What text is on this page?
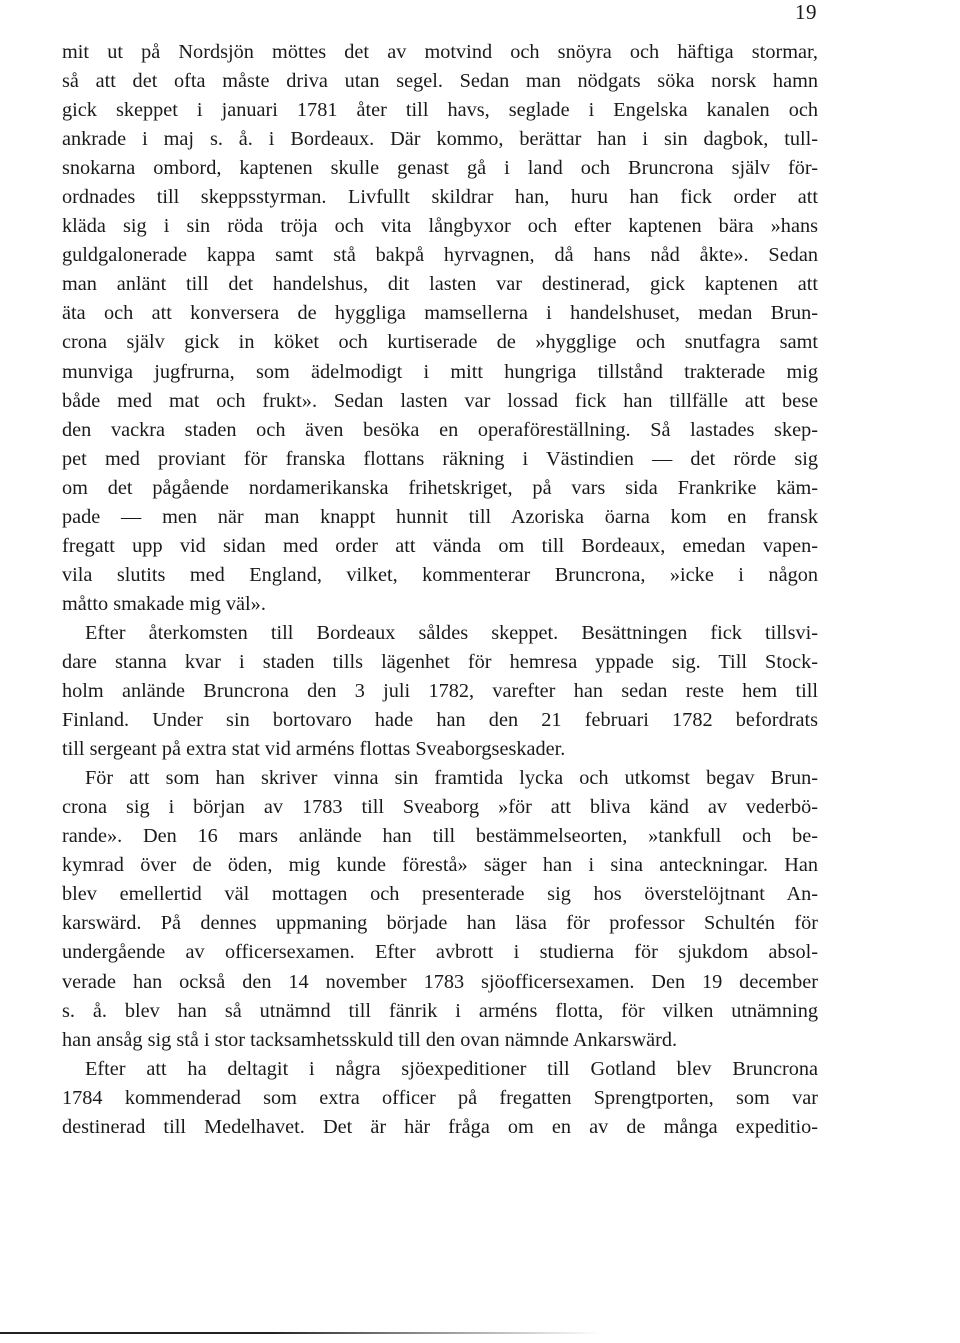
19
mit ut på Nordsjön möttes det av motvind och snöyra och häftiga stormar,
så att det ofta måste driva utan segel. Sedan man nödgats söka norsk hamn
gick skeppet i januari 1781 åter till havs, seglade i Engelska kanalen och
ankrade i maj s. å. i Bordeaux. Där kommo, berättar han i sin dagbok, tull-
snokarna ombord, kaptenen skulle genast gå i land och Bruncrona själv för-
ordnades till skeppsstyrman. Livfullt skildrar han, huru han fick order att
kläda sig i sin röda tröja och vita långbyxor och efter kaptenen bära »hans
guldgalonerade kappa samt stå bakpå hyrvagnen, då hans nåd åkte». Sedan
man anlänt till det handelshus, dit lasten var destinerad, gick kaptenen att
äta och att konversera de hyggliga mamsellerna i handelshuset, medan Brun-
crona själv gick in köket och kurtiserade de »hygglige och snutfagra samt
munviga jugfrurna, som ädelmodigt i mitt hungriga tillstånd trakterade mig
både med mat och frukt». Sedan lasten var lossad fick han tillfälle att bese
den vackra staden och även besöka en operaföreställning. Så lastades skep-
pet med proviant för franska flottans räkning i Västindien — det rörde sig
om det pågående nordamerikanska frihetskriget, på vars sida Frankrike käm-
pade — men när man knappt hunnit till Azoriska öarna kom en fransk
fregatt upp vid sidan med order att vända om till Bordeaux, emedan vapen-
vila slutits med England, vilket, kommenterar Bruncrona, »icke i någon
måtto smakade mig väl».
Efter återkomsten till Bordeaux såldes skeppet. Besättningen fick tillsvi-
dare stanna kvar i staden tills lägenhet för hemresa yppade sig. Till Stock-
holm anlände Bruncrona den 3 juli 1782, varefter han sedan reste hem till
Finland. Under sin bortovaro hade han den 21 februari 1782 befordrats
till sergeant på extra stat vid arméns flottas Sveaborgseskader.
För att som han skriver vinna sin framtida lycka och utkomst begav Brun-
crona sig i början av 1783 till Sveaborg »för att bliva känd av vederbö-
rande». Den 16 mars anlände han till bestämmelseorten, »tankfull och be-
kymrad över de öden, mig kunde förestå» säger han i sina anteckningar. Han
blev emellertid väl mottagen och presenterade sig hos överstelöjtnant An-
karswärd. På dennes uppmaning började han läsa för professor Schultén för
undergående av officersexamen. Efter avbrott i studierna för sjukdom absol-
verade han också den 14 november 1783 sjöofficersexamen. Den 19 december
s. å. blev han så utnämnd till fänrik i arméns flotta, för vilken utnämning
han ansåg sig stå i stor tacksamhetsskuld till den ovan nämnde Ankarswärd.
Efter att ha deltagit i några sjöexpeditioner till Gotland blev Bruncrona
1784 kommenderad som extra officer på fregatten Sprengtporten, som var
destinerad till Medelhavet. Det är här fråga om en av de många expeditio-
